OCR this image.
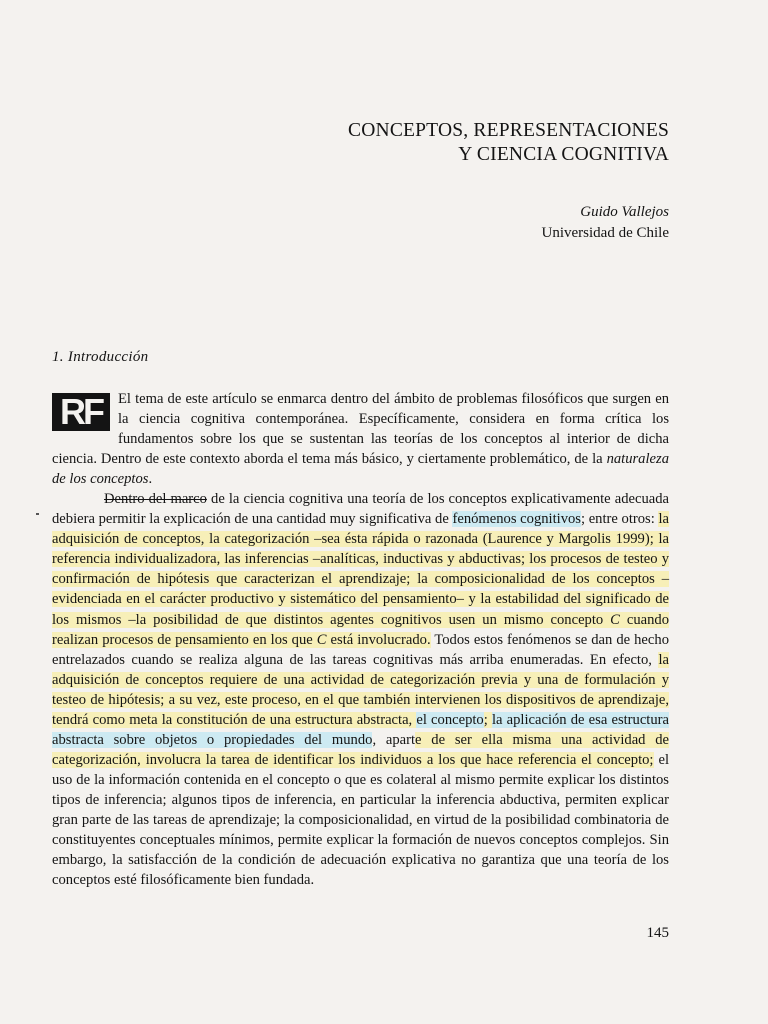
CONCEPTOS, REPRESENTACIONES
Y CIENCIA COGNITIVA
Guido Vallejos
Universidad de Chile
1. Introducción

RF	El tema de este artículo se enmarca dentro del ámbito de problemas filosóficos que surgen en la ciencia cognitiva contemporánea. Específicamente, considera en forma crítica los fundamentos sobre los que se sustentan las teorías de los conceptos al interior de dicha ciencia. Dentro de este contexto aborda el tema más básico, y ciertamente problemático, de la naturaleza de los conceptos.

Dentro del marco de la ciencia cognitiva una teoría de los conceptos explicativamente adecuada debiera permitir la explicación de una cantidad muy significativa de fenómenos cognitivos; entre otros: la adquisición de conceptos, la categorización –sea ésta rápida o razonada (Laurence y Margolis 1999); la referencia individualizadora, las inferencias –analíticas, inductivas y abductivas; los procesos de testeo y confirmación de hipótesis que caracterizan el aprendizaje; la composicionalidad de los conceptos –evidenciada en el carácter productivo y sistemático del pensamiento– y la estabilidad del significado de los mismos –la posibilidad de que distintos agentes cognitivos usen un mismo concepto C cuando realizan procesos de pensamiento en los que C está involucrado. Todos estos fenómenos se dan de hecho entrelazados cuando se realiza alguna de las tareas cognitivas más arriba enumeradas. En efecto, la adquisición de conceptos requiere de una actividad de categorización previa y una de formulación y testeo de hipótesis; a su vez, este proceso, en el que también intervienen los dispositivos de aprendizaje, tendrá como meta la constitución de una estructura abstracta, el concepto; la aplicación de esa estructura abstracta sobre objetos o propiedades del mundo, aparte de ser ella misma una actividad de categorización, involucra la tarea de identificar los individuos a los que hace referencia el concepto; el uso de la información contenida en el concepto o que es colateral al mismo permite explicar los distintos tipos de inferencia; algunos tipos de inferencia, en particular la inferencia abductiva, permiten explicar gran parte de las tareas de aprendizaje; la composicionalidad, en virtud de la posibilidad combinatoria de constituyentes conceptuales mínimos, permite explicar la formación de nuevos conceptos complejos. Sin embargo, la satisfacción de la condición de adecuación explicativa no garantiza que una teoría de los conceptos esté filosóficamente bien fundada.

145
